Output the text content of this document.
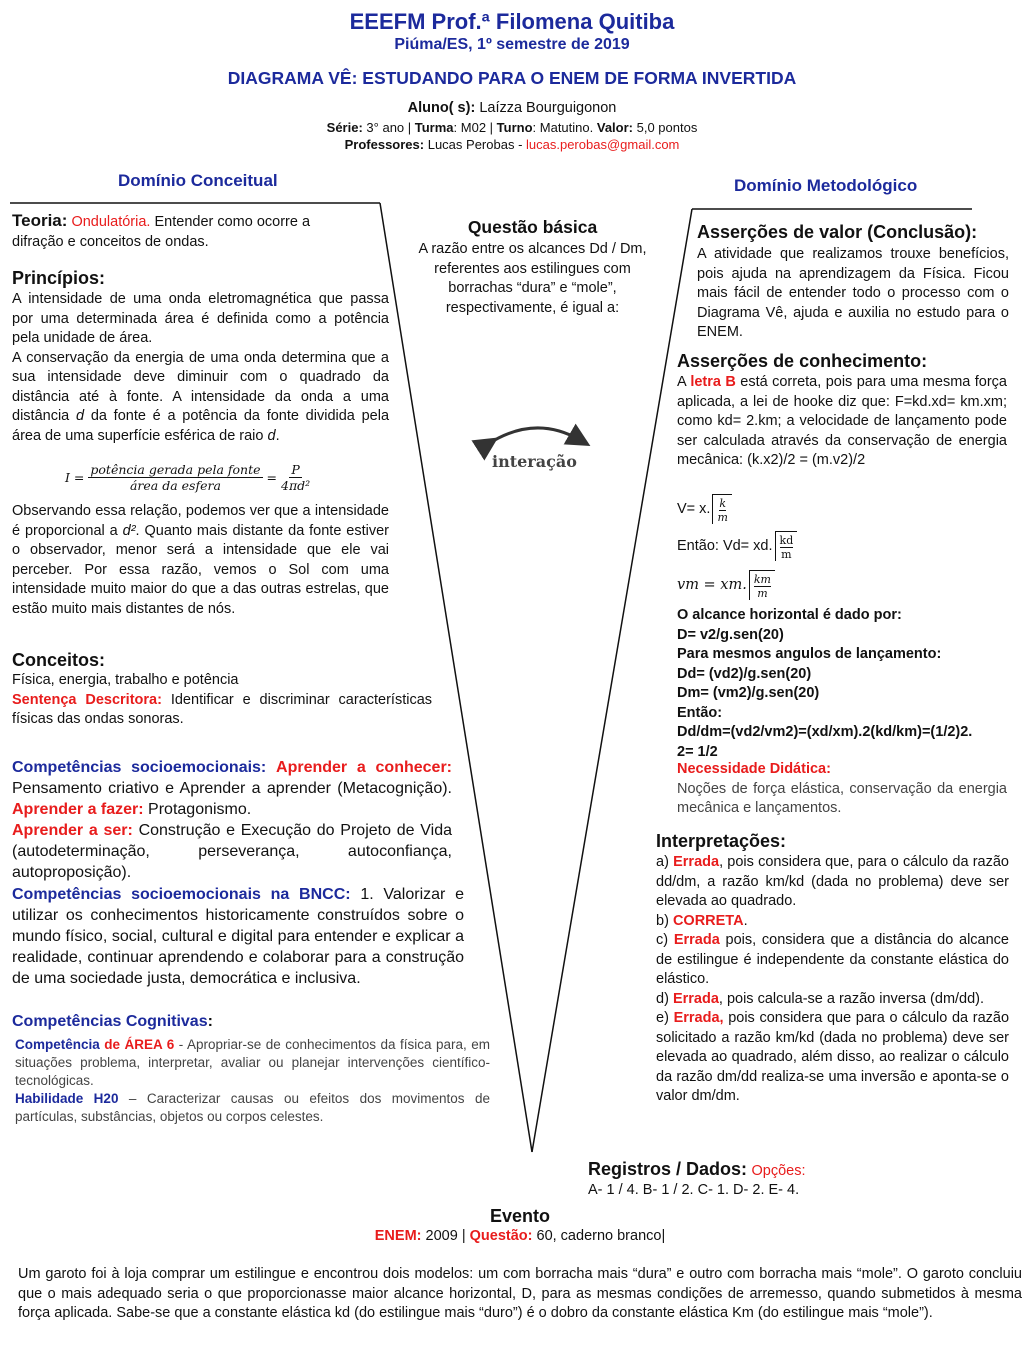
EEEFM Prof.ª Filomena Quitiba
Piúma/ES, 1º semestre de 2019
DIAGRAMA VÊ: ESTUDANDO PARA O ENEM DE FORMA INVERTIDA
Aluno( s): Laízza Bourguigonon
Série: 3° ano | Turma: M02 | Turno: Matutino. Valor: 5,0 pontos
Professores: Lucas Perobas - lucas.perobas@gmail.com
Domínio Conceitual	Domínio Metodológico
Teoria: Ondulatória. Entender como ocorre a difração e conceitos de ondas.
Princípios:

A intensidade de uma onda eletromagnética que passa por uma determinada área é definida como a potência pela unidade de área.

A conservação da energia de uma onda determina que a sua intensidade deve diminuir com o quadrado da distância até à fonte. A intensidade da onda a uma distância d da fonte é a potência da fonte dividida pela área de uma superfície esférica de raio d.

I =
potência gerada pela fonte
área da esfera
= $\frac{P}{\text{4πd²}}$
Observando essa relação, podemos ver que a intensidade é proporcional a d². Quanto mais distante da fonte estiver o observador, menor será a intensidade que ele vai perceber. Por essa razão, vemos o Sol com uma intensidade muito maior do que a das outras estrelas, que estão muito mais distantes de nós.
Conceitos:
Física, energia, trabalho e potência
Sentença Descritora: Identificar e discriminar características físicas das ondas sonoras.
Competências socioemocionais: Aprender a conhecer: Pensamento criativo e Aprender a aprender (Metacognição). Aprender a fazer: Protagonismo.
Aprender a ser: Construção e Execução do Projeto de Vida (autodeterminação, perseverança, autoconfiança, autoproposição).
Competências socioemocionais na BNCC: 1. Valorizar e utilizar os conhecimentos historicamente construídos sobre o mundo físico, social, cultural e digital para entender e explicar a realidade, continuar aprendendo e colaborar para a construção de uma sociedade justa, democrática e inclusiva.
Competências Cognitivas:
Competência de ÁREA 6 - Apropriar-se de conhecimentos da física para, em situações problema, interpretar, avaliar ou planejar intervenções científico-tecnológicas.
Habilidade H20 – Caracterizar causas ou efeitos dos movimentos de partículas, substâncias, objetos ou corpos celestes.
Questão básica
A razão entre os alcances Dd / Dm, referentes aos estilingues com borrachas “dura” e “mole”, respectivamente, é igual a:
interação
Asserções de valor (Conclusão):
A atividade que realizamos trouxe benefícios, pois ajuda na aprendizagem da Física. Ficou mais fácil de entender todo o processo com o Diagrama Vê, ajuda e auxilia no estudo para o ENEM.
Asserções de conhecimento:
A letra B está correta, pois para uma mesma força aplicada, a lei de hooke diz que: F=kd.xd= km.xm; como kd= 2.km; a velocidade de lançamento pode ser calculada através da conservação de energia mecânica: (k.x2)/2 = (m.v2)/2
V= x. k
m
Então: Vd= xd. kd
m
vm = xm. km
m
O alcance horizontal é dado por:
D= v2/g.sen(20)
Para mesmos angulos de lançamento:
Dd= (vd2)/g.sen(20)
Dm= (vm2)/g.sen(20)
Então:
Dd/dm=(vd2/vm2)=(xd/xm).2(kd/km)=(1/2)2.
2= 1/2
Necessidade Didática:
Noções de força elástica, conservação da energia mecânica e lançamentos.
Interpretações:
a) Errada, pois considera que, para o cálculo da razão dd/dm, a razão km/kd (dada no problema) deve ser elevada ao quadrado.
b) CORRETA.
c) Errada pois, considera que a distância do alcance de estilingue é independente da constante elástica do elástico.
d) Errada, pois calcula-se a razão inversa (dm/dd).
e) Errada, pois considera que para o cálculo da razão solicitado a razão km/kd (dada no problema) deve ser elevada ao quadrado, além disso, ao realizar o cálculo da razão dm/dd realiza-se uma inversão e aponta-se o valor dm/dm.
Registros / Dados: Opções:
A- 1 / 4. B- 1 / 2. C- 1. D- 2. E- 4.
Evento
ENEM: 2009 | Questão: 60, caderno branco|
Um garoto foi à loja comprar um estilingue e encontrou dois modelos: um com borracha mais “dura” e outro com borracha mais “mole”. O garoto concluiu que o mais adequado seria o que proporcionasse maior alcance horizontal, D, para as mesmas condições de arremesso, quando submetidos à mesma força aplicada. Sabe-se que a constante elástica kd (do estilingue mais “duro”) é o dobro da constante elástica Km (do estilingue mais “mole”).
